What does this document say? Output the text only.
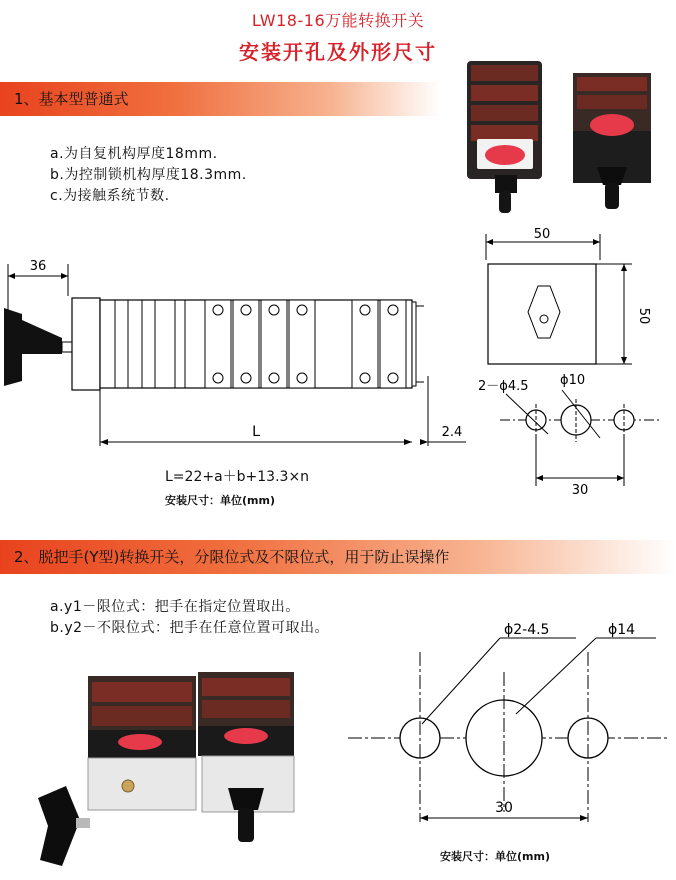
LW18-16万能转换开关
安装开孔及外形尺寸
1、基本型普通式
a.为自复机构厚度18mm.
b.为控制锁机构厚度18.3mm.
c.为接触系统节数.
36
L	2.4
L=22+a＋b+13.3×n
安装尺寸：单位(mm)
50
50
2－ϕ4.5 ϕ10
30
2、脱把手(Y型)转换开关，分限位式及不限位式，用于防止误操作
a.y1－限位式：把手在指定位置取出。
b.y2－不限位式：把手在任意位置可取出。	ϕ2-4.5	ϕ14
30
安装尺寸：单位(mm)
